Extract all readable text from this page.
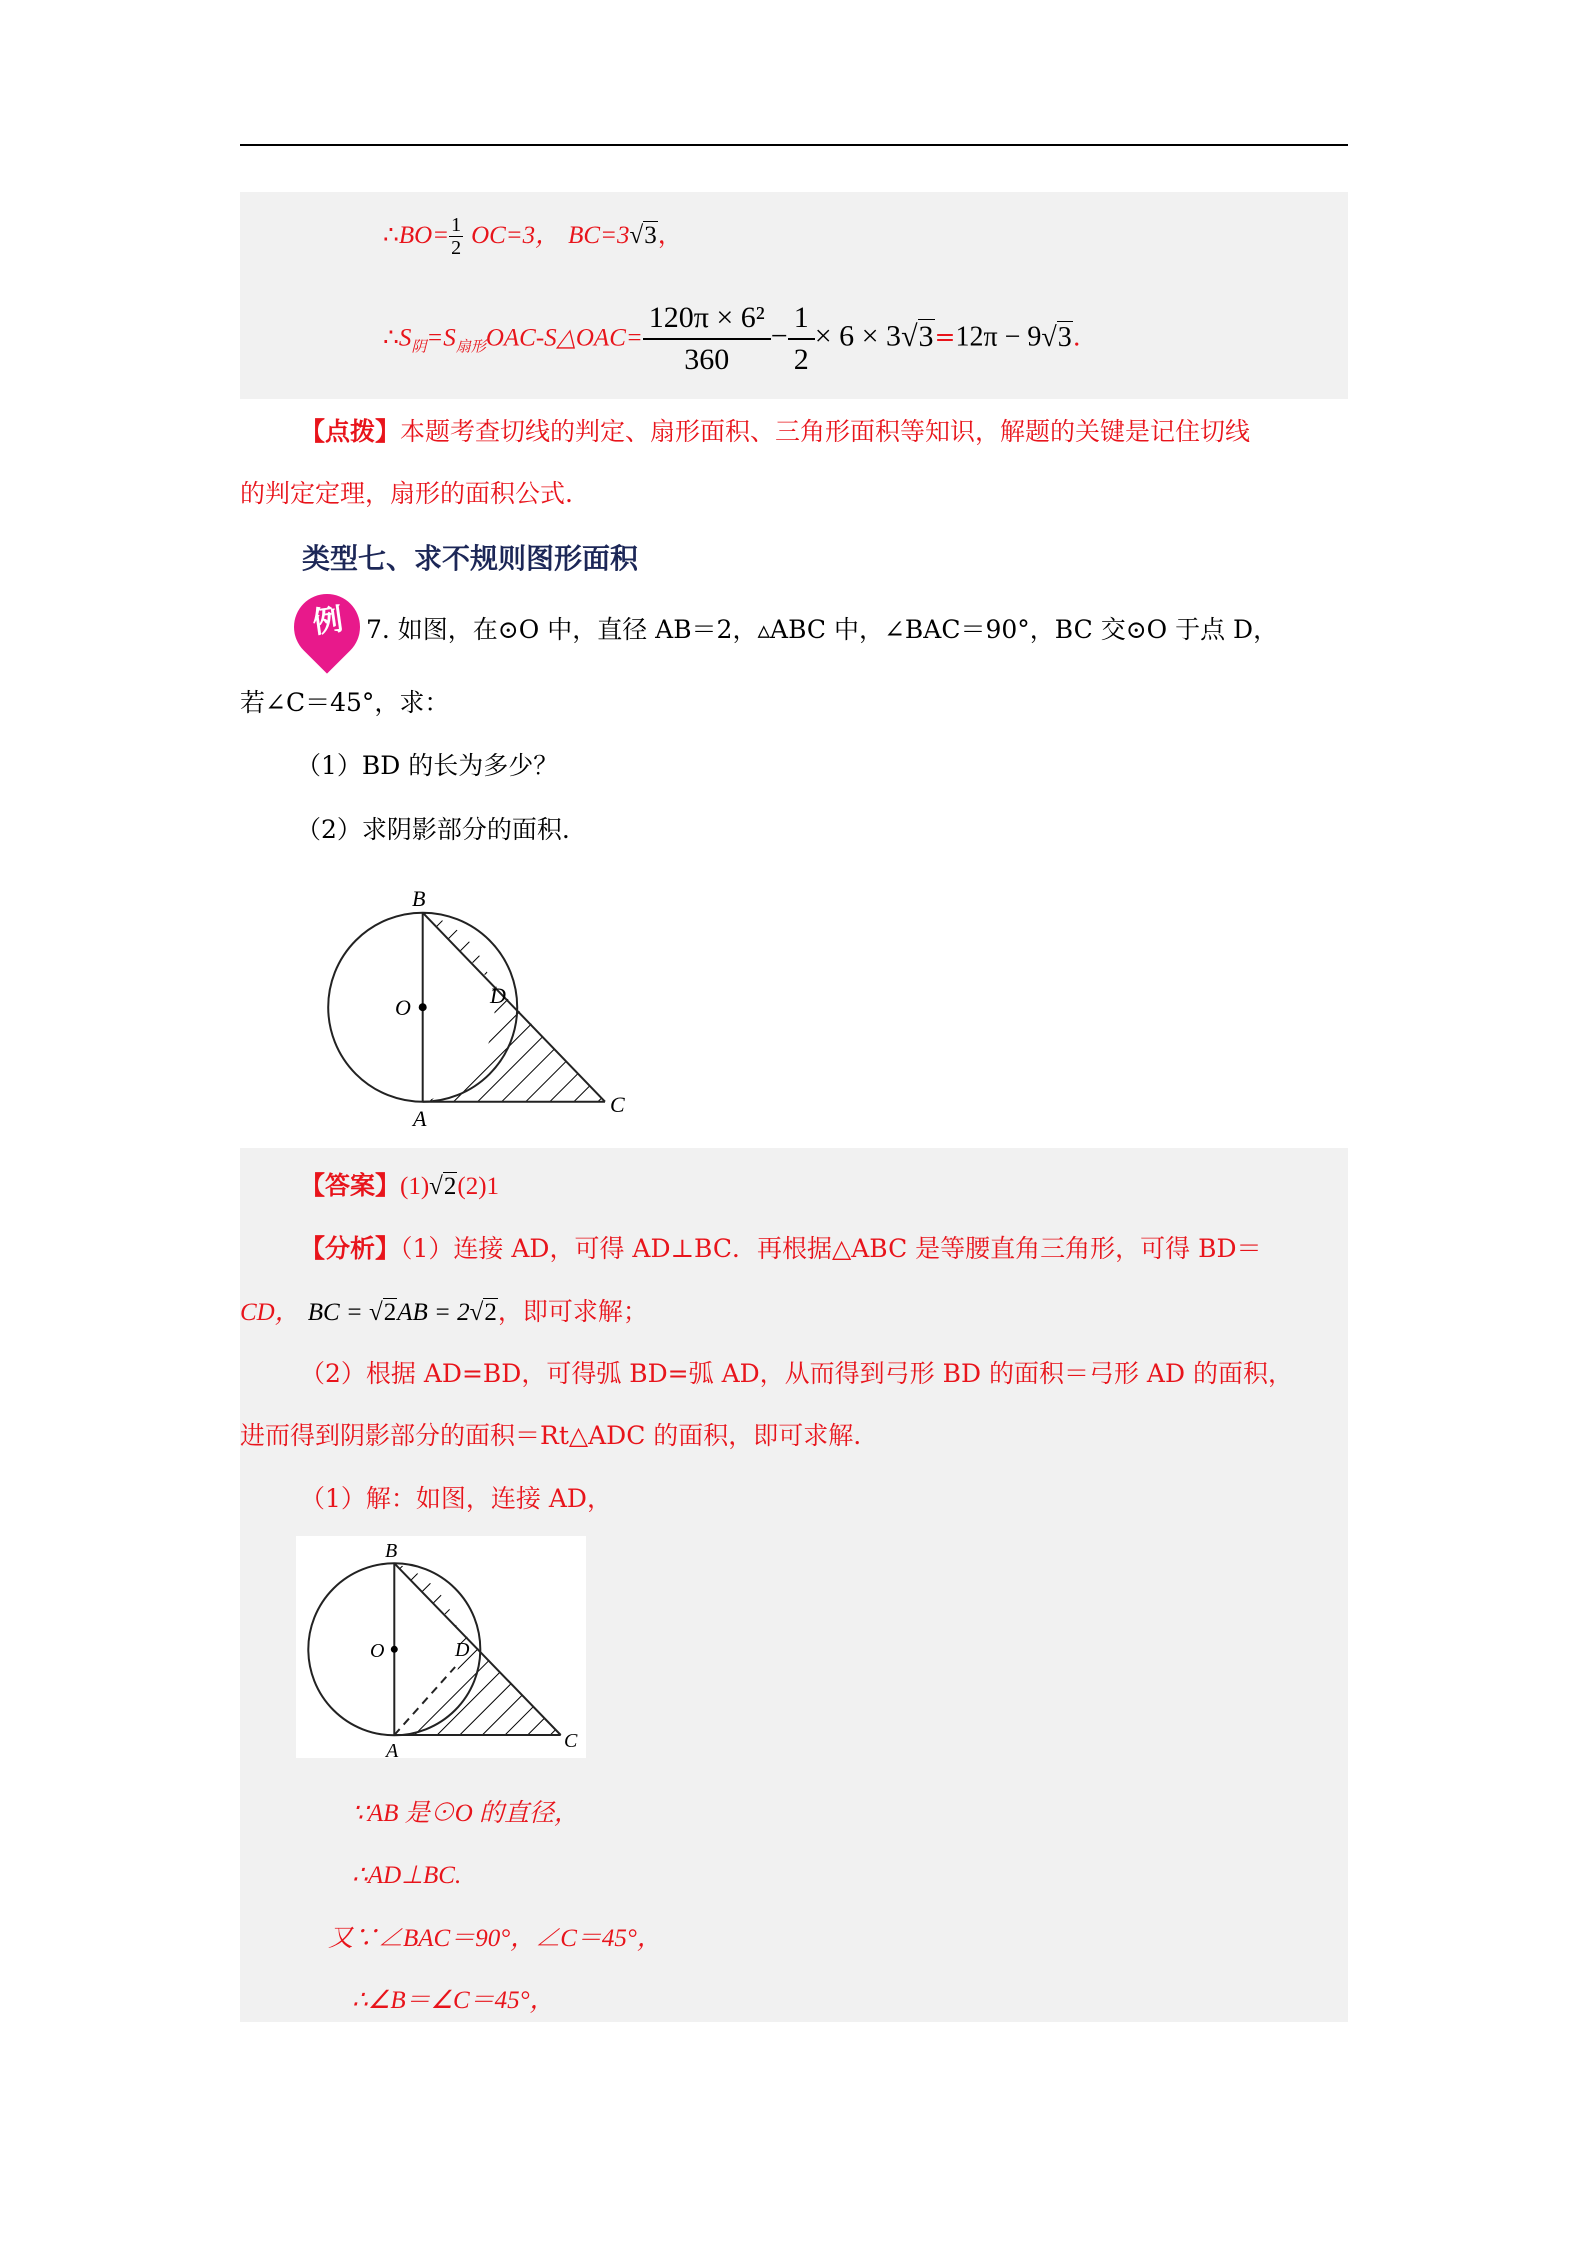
∴BO= $\frac{1}{2} OC=3$， BC=3√3，
$\therefore S_阴=S_{扇形}OAC-S\triangle OAC= \frac{\text{120π × 6²}}{360} - \frac{1}{2} \times 6 \times 3√3=12\pi - 9√3$.
【点拨】本题考查切线的判定、扇形面积、三角形面积等知识，解题的关键是记住切线
的判定定理，扇形的面积公式.
类型七、求不规则图形面积
例 7. 如图，在⊙O 中，直径 AB＝2，▵ABC 中，∠BAC＝90°，BC 交⊙O 于点 D，
若∠C＝45°，求：
（1）BD 的长为多少？
（2）求阴影部分的面积.
B
O	D
A
C
【答案】(1)√2(2)1
【分析】（1）连接 AD，可得 AD⊥BC．再根据△ABC 是等腰直角三角形，可得 BD＝
CD， BC = √2AB = 2√2，即可求解；
（2）根据 AD=BD，可得弧 BD=弧 AD，从而得到弓形 BD 的面积＝弓形 AD 的面积，
进而得到阴影部分的面积＝Rt△ADC 的面积，即可求解.
（1）解：如图，连接 AD，
B
O	D
A	C
∵AB 是⊙O 的直径，
∴AD⊥BC.
又∵∠BAC＝90°，∠C＝45°，
∴∠B＝∠C＝45°，
